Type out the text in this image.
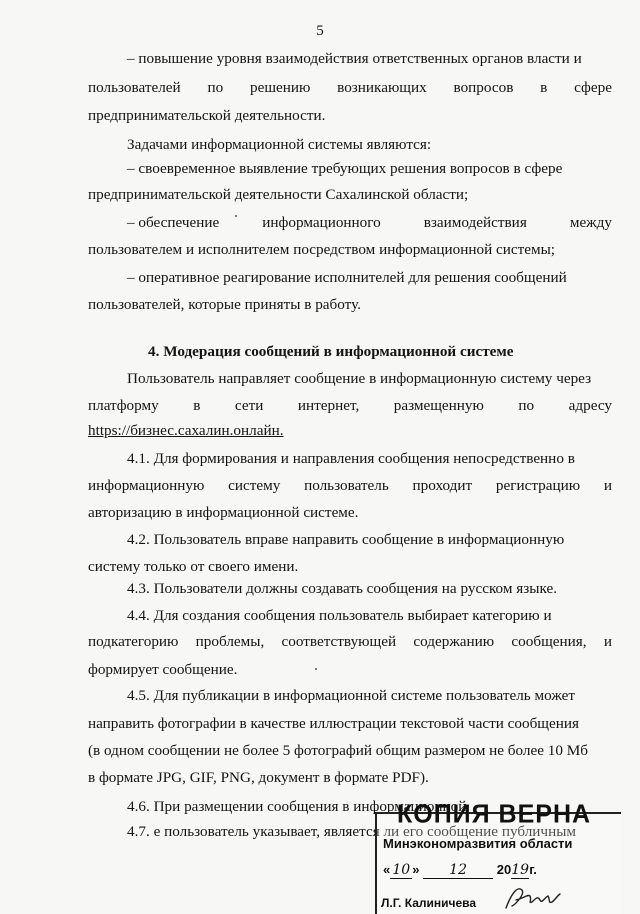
5
– повышение уровня взаимодействия ответственных органов власти и
пользователей по решению возникающих вопросов в сфере
предпринимательской деятельности.
Задачами информационной системы являются:
– своевременное выявление требующих решения вопросов в сфере
предпринимательской деятельности Сахалинской области;
– обеспечение	информационного	взаимодействия	между
пользователем и исполнителем посредством информационной системы;
– оперативное реагирование исполнителей для решения сообщений
пользователей, которые приняты в работу.
4. Модерация сообщений в информационной системе
Пользователь направляет сообщение в информационную систему через
платформу в сети интернет, размещенную по адресу
https://бизнес.сахалин.онлайн.
4.1. Для формирования и направления сообщения непосредственно в
информационную систему пользователь проходит регистрацию и
авторизацию в информационной системе.
4.2. Пользователь вправе направить сообщение в информационную
систему только от своего имени.
4.3. Пользователи должны создавать сообщения на русском языке.
4.4. Для создания сообщения пользователь выбирает категорию и
подкатегорию проблемы, соответствующей содержанию сообщения, и
формирует сообщение.
4.5. Для публикации в информационной системе пользователь может
направить фотографии в качестве иллюстрации текстовой части сообщения
(в одном сообщении не более 5 фотографий общим размером не более 10 Мб
в формате JPG, GIF, PNG, документ в формате PDF).
4.6. При размещении сообщения в информационной
4.7. е пользователь указывает, является ли его сообщение публичным
КОПИЯ ВЕРНА
Минэкономразвития области
« 10 » 12 2019г.
Л.Г. Калиничева
